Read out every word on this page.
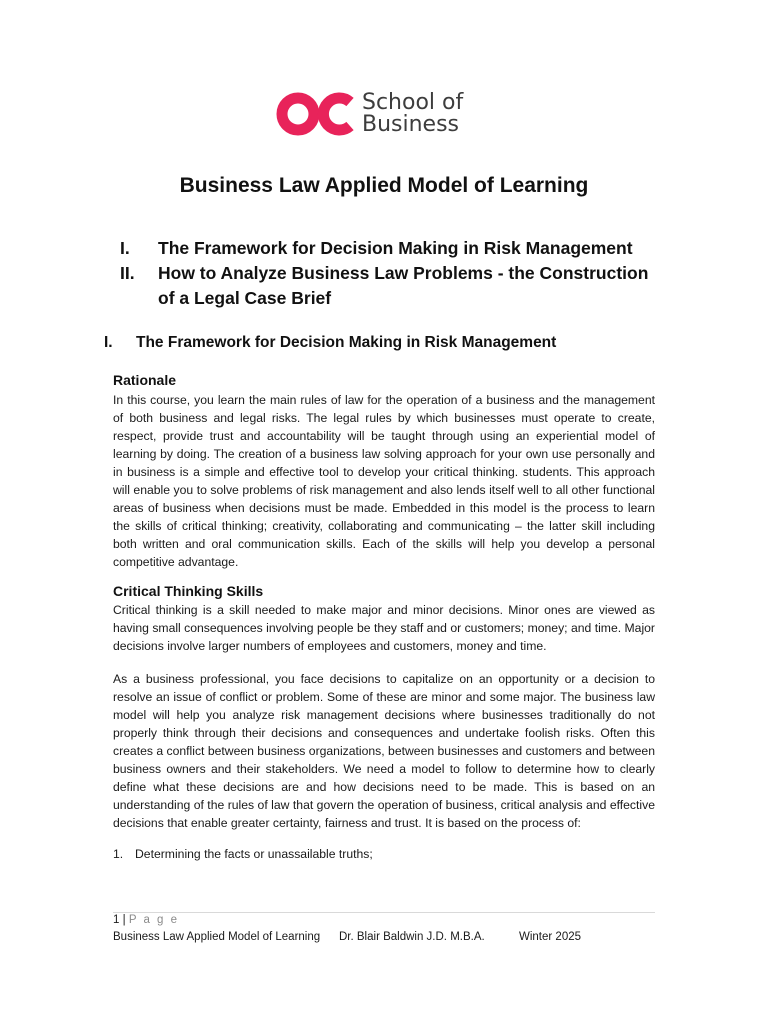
School of
Business
Business Law Applied Model of Learning
I.	The Framework for Decision Making in Risk Management
II.	How to Analyze Business Law Problems - the Construction of a Legal Case Brief
I.	The Framework for Decision Making in Risk Management
Rationale
In this course, you learn the main rules of law for the operation of a business and the management of both business and legal risks. The legal rules by which businesses must operate to create, respect, provide trust and accountability will be taught through using an experiential model of learning by doing. The creation of a business law solving approach for your own use personally and in business is a simple and effective tool to develop your critical thinking. students. This approach will enable you to solve problems of risk management and also lends itself well to all other functional areas of business when decisions must be made. Embedded in this model is the process to learn the skills of critical thinking; creativity, collaborating and communicating – the latter skill including both written and oral communication skills. Each of the skills will help you develop a personal competitive advantage.
Critical Thinking Skills
Critical thinking is a skill needed to make major and minor decisions. Minor ones are viewed as having small consequences involving people be they staff and or customers; money; and time. Major decisions involve larger numbers of employees and customers, money and time.
As a business professional, you face decisions to capitalize on an opportunity or a decision to resolve an issue of conflict or problem. Some of these are minor and some major. The business law model will help you analyze risk management decisions where businesses traditionally do not properly think through their decisions and consequences and undertake foolish risks. Often this creates a conflict between business organizations, between businesses and customers and between business owners and their stakeholders. We need a model to follow to determine how to clearly define what these decisions are and how decisions need to be made. This is based on an understanding of the rules of law that govern the operation of business, critical analysis and effective decisions that enable greater certainty, fairness and trust. It is based on the process of:
1. Determining the facts or unassailable truths;
1 | P a g e
Business Law Applied Model of Learning Dr. Blair Baldwin J.D. M.B.A.	Winter 2025
